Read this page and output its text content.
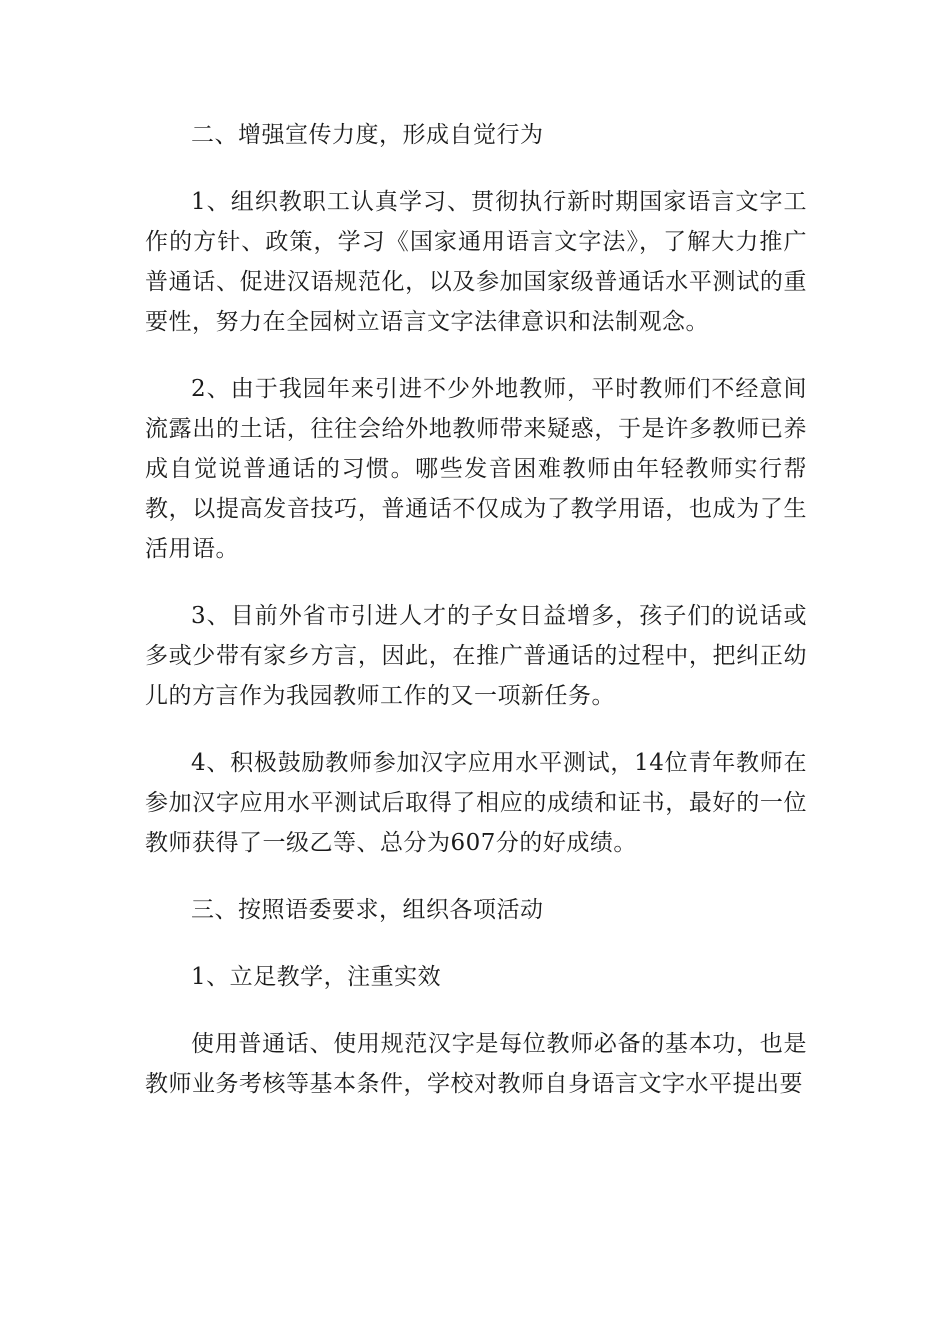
二、增强宣传力度，形成自觉行为

1、组织教职工认真学习、贯彻执行新时期国家语言文字工作的方针、政策，学习《国家通用语言文字法》，了解大力推广普通话、促进汉语规范化，以及参加国家级普通话水平测试的重要性，努力在全园树立语言文字法律意识和法制观念。

2、由于我园年来引进不少外地教师，平时教师们不经意间流露出的土话，往往会给外地教师带来疑惑，于是许多教师已养成自觉说普通话的习惯。哪些发音困难教师由年轻教师实行帮教，以提高发音技巧，普通话不仅成为了教学用语，也成为了生活用语。

3、目前外省市引进人才的子女日益增多，孩子们的说话或多或少带有家乡方言，因此，在推广普通话的过程中，把纠正幼儿的方言作为我园教师工作的又一项新任务。

4、积极鼓励教师参加汉字应用水平测试，14位青年教师在参加汉字应用水平测试后取得了相应的成绩和证书，最好的一位教师获得了一级乙等、总分为607分的好成绩。

三、按照语委要求，组织各项活动

1、立足教学，注重实效

使用普通话、使用规范汉字是每位教师必备的基本功，也是教师业务考核等基本条件，学校对教师自身语言文字水平提出要
